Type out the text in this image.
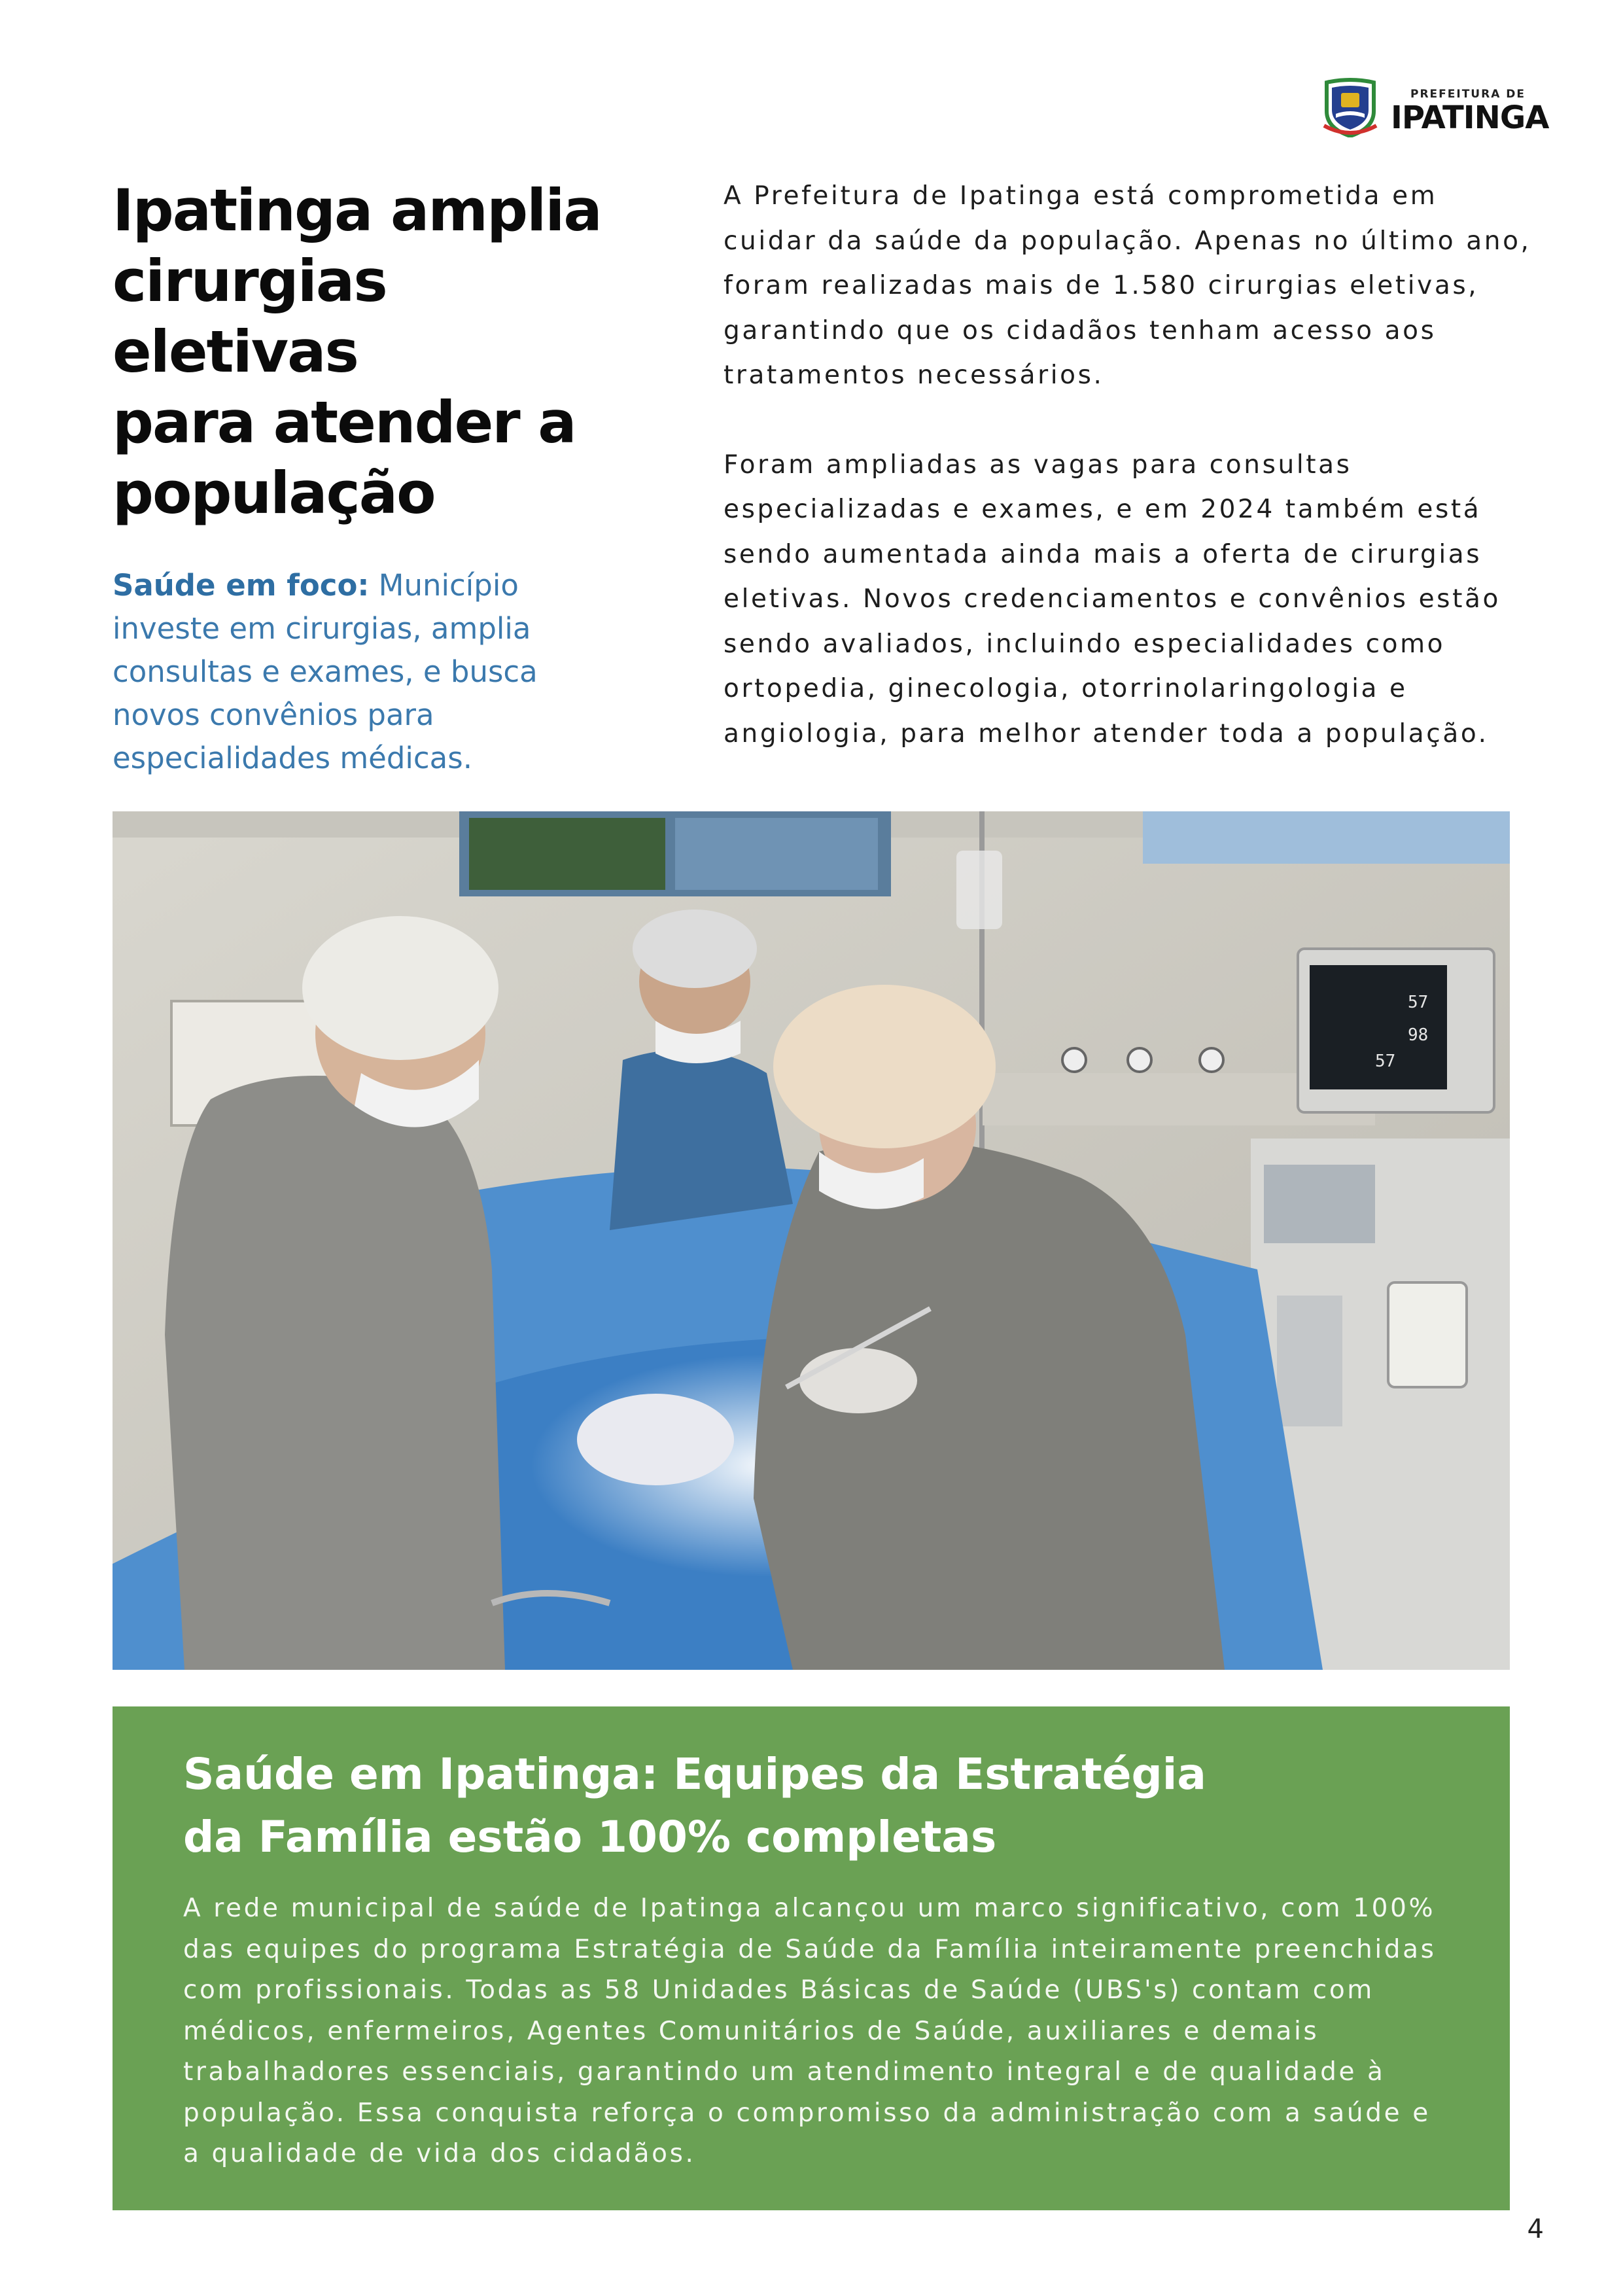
PREFEITURA DE
IPATINGA
Ipatinga amplia
cirurgias
eletivas
para atender a
população

Saúde em foco: Município investe em cirurgias, amplia consultas e exames, e busca novos convênios para especialidades médicas.

A Prefeitura de Ipatinga está comprometida em cuidar da saúde da população. Apenas no último ano, foram realizadas mais de 1.580 cirurgias eletivas, garantindo que os cidadãos tenham acesso aos tratamentos necessários.

Foram ampliadas as vagas para consultas especializadas e exames, e em 2024 também está sendo aumentada ainda mais a oferta de cirurgias eletivas. Novos credenciamentos e convênios estão sendo avaliados, incluindo especialidades como ortopedia, ginecologia, otorrinolaringologia e angiologia, para melhor atender toda a população.

57
98
57
Saúde em Ipatinga: Equipes da Estratégia
da Família estão 100% completas

A rede municipal de saúde de Ipatinga alcançou um marco significativo, com 100% das equipes do programa Estratégia de Saúde da Família inteiramente preenchidas com profissionais. Todas as 58 Unidades Básicas de Saúde (UBS's) contam com médicos, enfermeiros, Agentes Comunitários de Saúde, auxiliares e demais trabalhadores essenciais, garantindo um atendimento integral e de qualidade à população. Essa conquista reforça o compromisso da administração com a saúde e a qualidade de vida dos cidadãos.

4
